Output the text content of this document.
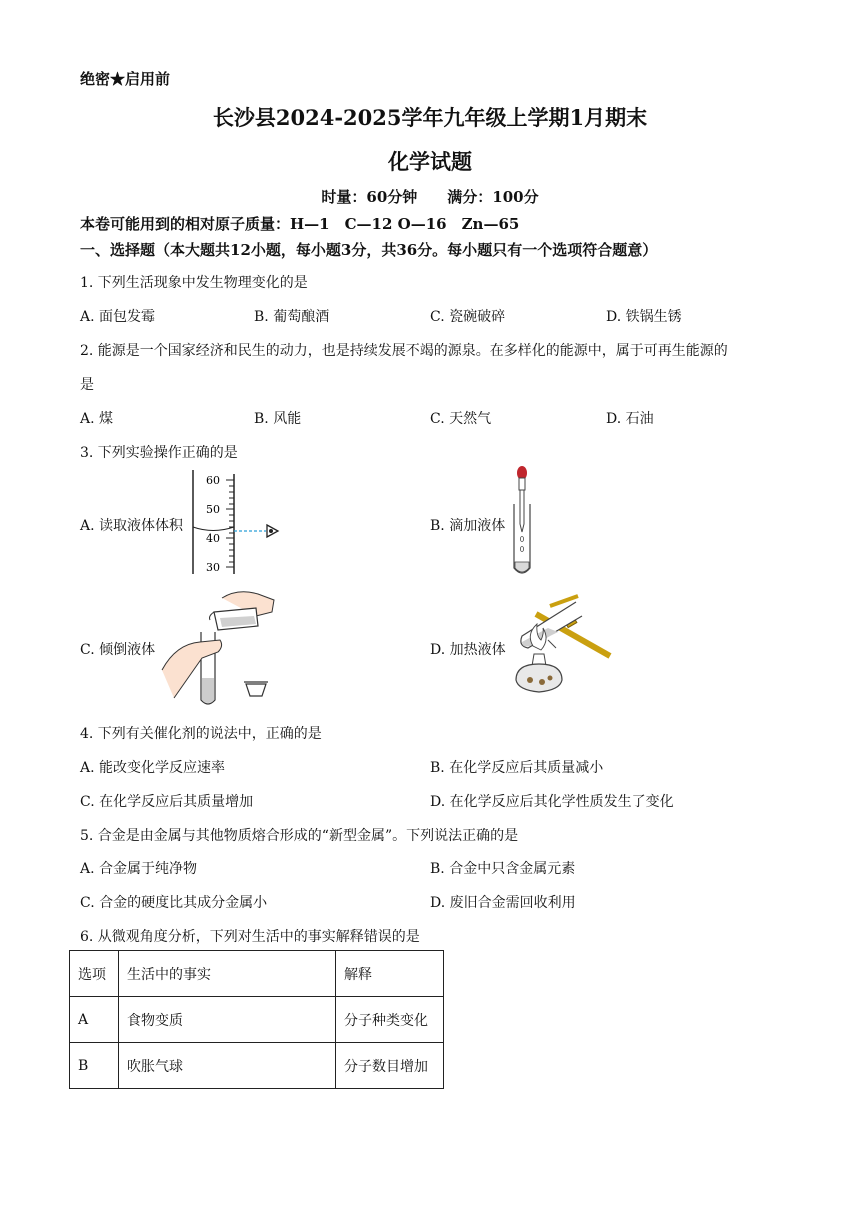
绝密★启用前
长沙县2024-2025学年九年级上学期1月期末
化学试题
时量：60分钟　　满分：100分
本卷可能用到的相对原子质量：H—1　C—12 O—16　Zn—65
一、选择题（本大题共12小题，每小题3分，共36分。每小题只有一个选项符合题意）
1. 下列生活现象中发生物理变化的是
A. 面包发霉	B. 葡萄酿酒	C. 瓷碗破碎	D. 铁锅生锈
2. 能源是一个国家经济和民生的动力，也是持续发展不竭的源泉。在多样化的能源中，属于可再生能源的
是
A. 煤	B. 风能	C. 天然气	D. 石油
3. 下列实验操作正确的是
A. 读取液体体积	B. 滴加液体
C. 倾倒液体	D. 加热液体
60
50
40
30
4. 下列有关催化剂的说法中，正确的是
A. 能改变化学反应速率	B. 在化学反应后其质量减小
C. 在化学反应后其质量增加	D. 在化学反应后其化学性质发生了变化
5. 合金是由金属与其他物质熔合形成的“新型金属”。下列说法正确的是
A. 合金属于纯净物	B. 合金中只含金属元素
C. 合金的硬度比其成分金属小	D. 废旧合金需回收利用
6. 从微观角度分析，下列对生活中的事实解释错误的是
选项	生活中的事实	解释
A	食物变质	分子种类变化
B	吹胀气球	分子数目增加
